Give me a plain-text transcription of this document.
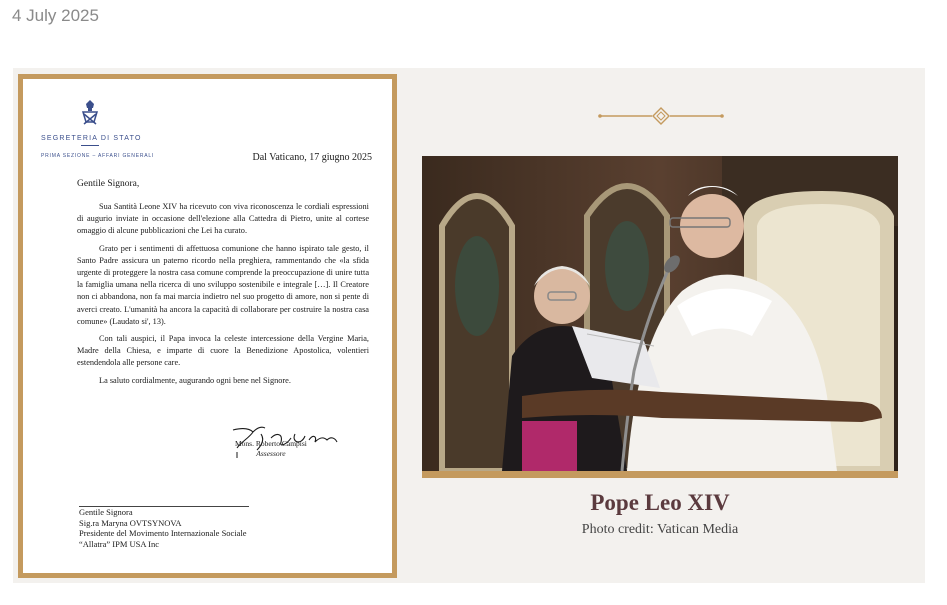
4 July 2025
SEGRETERIA DI STATO
PRIMA SEZIONE – AFFARI GENERALI	Dal Vaticano, 17 giugno 2025
Gentile Signora,

Sua Santità Leone XIV ha ricevuto con viva riconoscenza le cordiali espressioni di augurio inviate in occasione dell'elezione alla Cattedra di Pietro, unite al cortese omaggio di alcune pubblicazioni che Lei ha curato.

Grato per i sentimenti di affettuosa comunione che hanno ispirato tale gesto, il Santo Padre assicura un paterno ricordo nella preghiera, rammentando che «la sfida urgente di proteggere la nostra casa comune comprende la preoccupazione di unire tutta la famiglia umana nella ricerca di uno sviluppo sostenibile e integrale […]. Il Creatore non ci abbandona, non fa mai marcia indietro nel suo progetto di amore, non si pente di averci creato. L'umanità ha ancora la capacità di collaborare per costruire la nostra casa comune» (Laudato si', 13).

Con tali auspici, il Papa invoca la celeste intercessione della Vergine Maria, Madre della Chiesa, e imparte di cuore la Benedizione Apostolica, volentieri estendendola alle persone care.

La saluto cordialmente, augurando ogni bene nel Signore.

Mons. Roberto Campisi
Assessore
Gentile Signora
Sig.ra Maryna OVTSYNOVA
Presidente del Movimento Internazionale Sociale
“Allatra” IPM USA Inc
Pope Leo XIV
Photo credit: Vatican Media
